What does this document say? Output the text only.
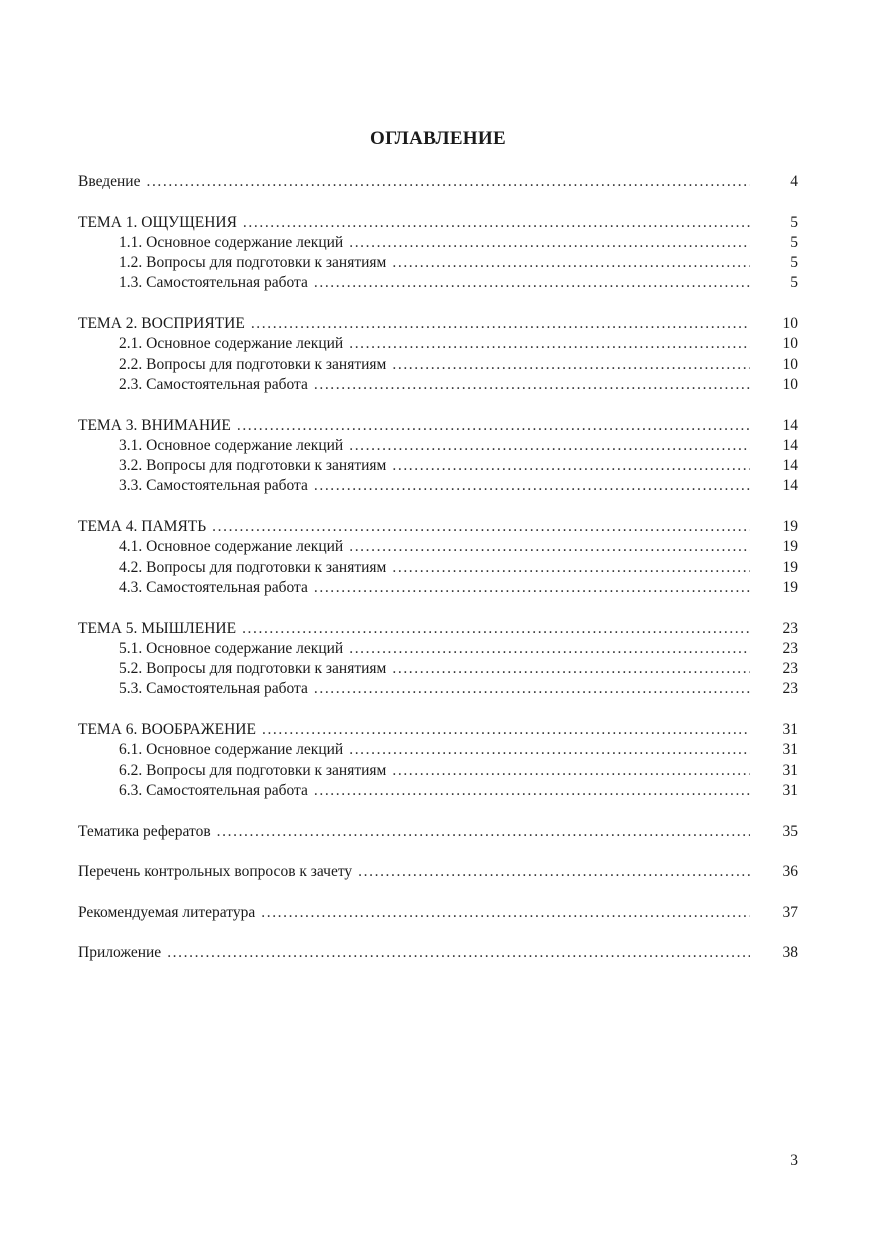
ОГЛАВЛЕНИЕ
Введение .....	4
ТЕМА 1. ОЩУЩЕНИЯ .....	5
1.1. Основное содержание лекций .....	5
1.2. Вопросы для подготовки к занятиям .....	5
1.3. Самостоятельная работа .....	5
ТЕМА 2. ВОСПРИЯТИЕ .....	10
2.1. Основное содержание лекций .....	10
2.2. Вопросы для подготовки к занятиям .....	10
2.3. Самостоятельная работа .....	10
ТЕМА 3. ВНИМАНИЕ .....	14
3.1. Основное содержание лекций .....	14
3.2. Вопросы для подготовки к занятиям .....	14
3.3. Самостоятельная работа .....	14
ТЕМА 4. ПАМЯТЬ .....	19
4.1. Основное содержание лекций .....	19
4.2. Вопросы для подготовки к занятиям .....	19
4.3. Самостоятельная работа .....	19
ТЕМА 5. МЫШЛЕНИЕ .....	23
5.1. Основное содержание лекций .....	23
5.2. Вопросы для подготовки к занятиям .....	23
5.3. Самостоятельная работа .....	23
ТЕМА 6. ВООБРАЖЕНИЕ .....	31
6.1. Основное содержание лекций .....	31
6.2. Вопросы для подготовки к занятиям .....	31
6.3. Самостоятельная работа .....	31
Тематика рефератов .....	35
Перечень контрольных вопросов к зачету .....	36
Рекомендуемая литература .....	37
Приложение .....	38
3
